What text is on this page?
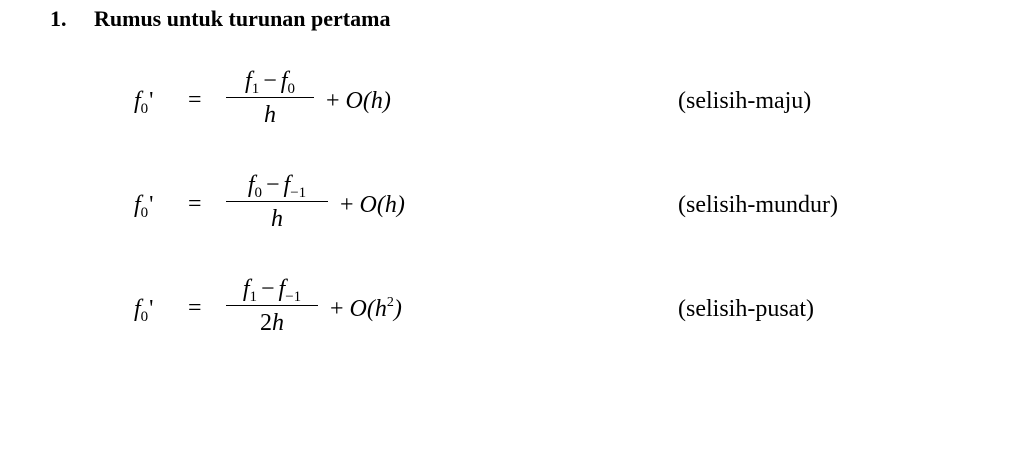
1. Rumus untuk turunan pertama
$f_0'$ =
$f_1 - f_0$
h
+ O(h)	(selisih-maju)
$f_0'$ =
$f_0 - f_{-1}$
h
+ O(h)	(selisih-mundur)
$f_0'$ =
$f_1 - f_{-1}$
2h
+ $O(h^2)$	(selisih-pusat)
